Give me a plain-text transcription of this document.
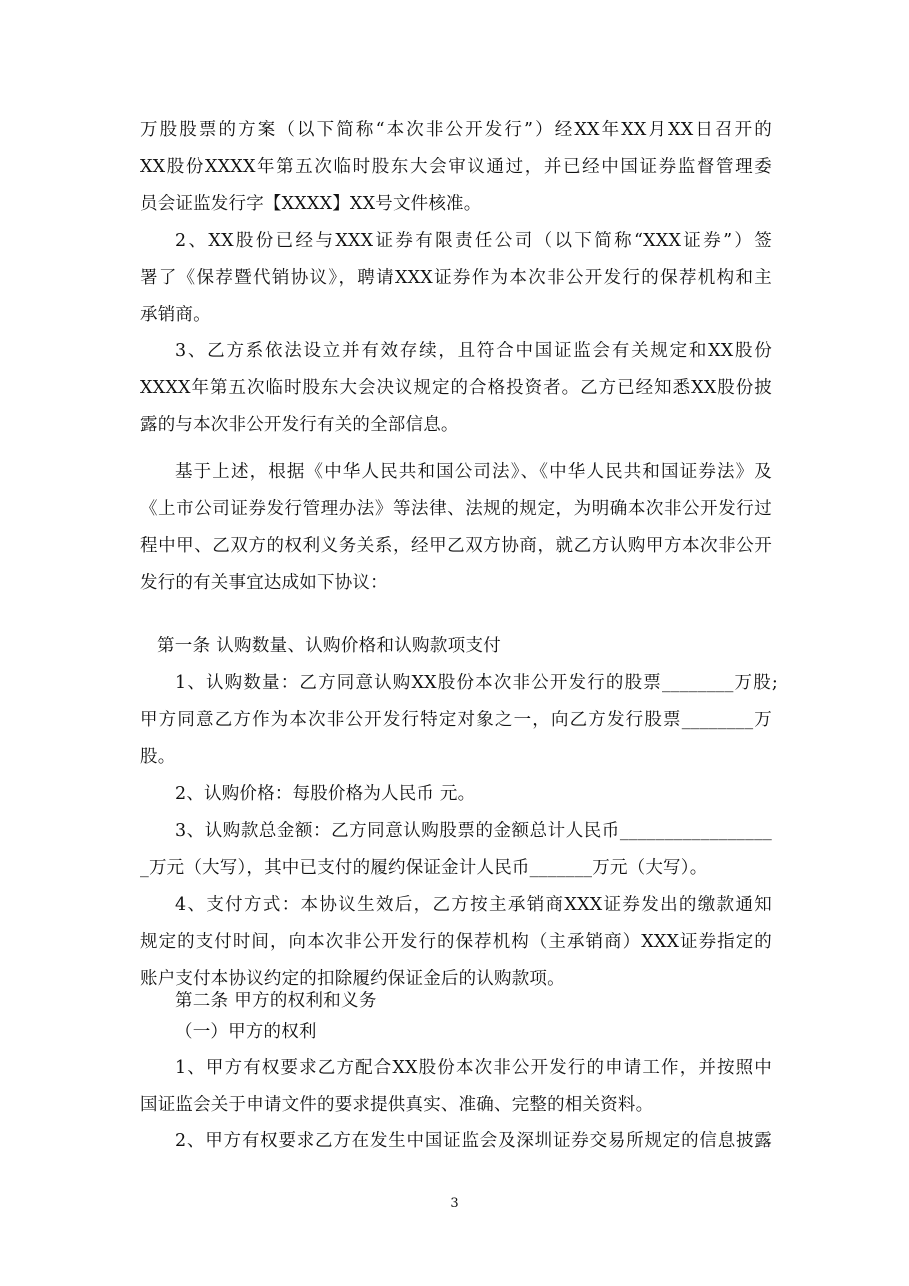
万股股票的方案（以下简称“本次非公开发行”）经XX年XX月XX日召开的
XX股份XXXX年第五次临时股东大会审议通过，并已经中国证券监督管理委
员会证监发行字【XXXX】XX号文件核准。
2、XX股份已经与XXX证券有限责任公司（以下简称“XXX证券”）签
署了《保荐暨代销协议》，聘请XXX证券作为本次非公开发行的保荐机构和主
承销商。
3、乙方系依法设立并有效存续，且符合中国证监会有关规定和XX股份
XXXX年第五次临时股东大会决议规定的合格投资者。乙方已经知悉XX股份披
露的与本次非公开发行有关的全部信息。
基于上述，根据《中华人民共和国公司法》、《中华人民共和国证券法》及
《上市公司证券发行管理办法》等法律、法规的规定，为明确本次非公开发行过
程中甲、乙双方的权利义务关系，经甲乙双方协商，就乙方认购甲方本次非公开
发行的有关事宜达成如下协议：
第一条 认购数量、认购价格和认购款项支付
1、认购数量：乙方同意认购XX股份本次非公开发行的股票________万股;
甲方同意乙方作为本次非公开发行特定对象之一，向乙方发行股票________万
股。
2、认购价格：每股价格为人民币 元。
3、认购款总金额：乙方同意认购股票的金额总计人民币_________________
_万元（大写），其中已支付的履约保证金计人民币_______万元（大写）。
4、支付方式：本协议生效后，乙方按主承销商XXX证券发出的缴款通知
规定的支付时间，向本次非公开发行的保荐机构（主承销商）XXX证券指定的
账户支付本协议约定的扣除履约保证金后的认购款项。
第二条 甲方的权利和义务
（一）甲方的权利
1、甲方有权要求乙方配合XX股份本次非公开发行的申请工作，并按照中
国证监会关于申请文件的要求提供真实、准确、完整的相关资料。
3
2、甲方有权要求乙方在发生中国证监会及深圳证券交易所规定的信息披露
